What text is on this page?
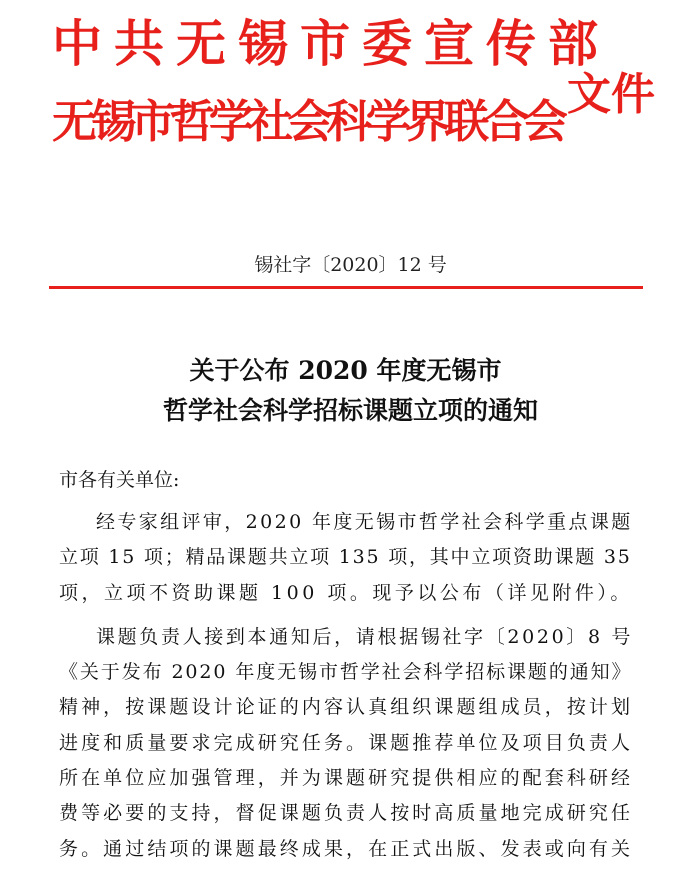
中共无锡市委宣传部
无锡市哲学社会科学界联合会
文件
锡社字〔2020〕12 号
关于公布 2020 年度无锡市
哲学社会科学招标课题立项的通知
市各有关单位:
经专家组评审，2020 年度无锡市哲学社会科学重点课题
立项 15 项；精品课题共立项 135 项，其中立项资助课题 35
项，立项不资助课题 100 项。现予以公布（详见附件）。
课题负责人接到本通知后，请根据锡社字〔2020〕8 号
《关于发布 2020 年度无锡市哲学社会科学招标课题的通知》
精神，按课题设计论证的内容认真组织课题组成员，按计划
进度和质量要求完成研究任务。课题推荐单位及项目负责人
所在单位应加强管理，并为课题研究提供相应的配套科研经
费等必要的支持，督促课题负责人按时高质量地完成研究任
务。通过结项的课题最终成果，在正式出版、发表或向有关
